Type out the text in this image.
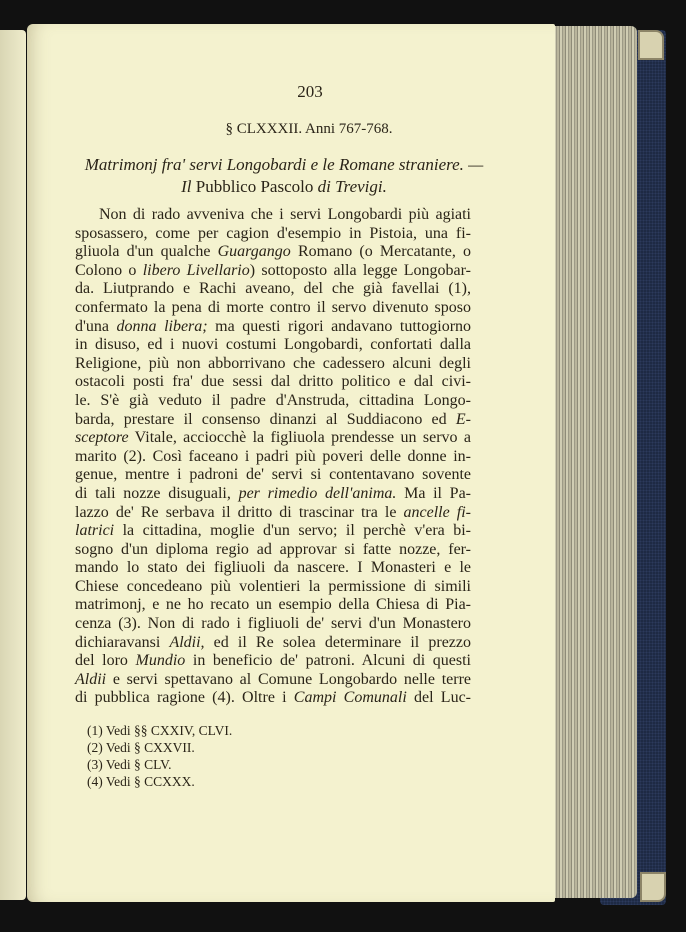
203
§ CLXXXII. Anni 767-768.
Matrimonj fra' servi Longobardi e le Romane straniere. —
Il Pubblico Pascolo di Trevigi.
Non di rado avveniva che i servi Longobardi più agiati
sposassero, come per cagion d'esempio in Pistoia, una fi-
gliuola d'un qualche Guargango Romano (o Mercatante, o
Colono o libero Livellario) sottoposto alla legge Longobar-
da. Liutprando e Rachi aveano, del che già favellai (1),
confermato la pena di morte contro il servo divenuto sposo
d'una donna libera; ma questi rigori andavano tuttogiorno
in disuso, ed i nuovi costumi Longobardi, confortati dalla
Religione, più non abborrivano che cadessero alcuni degli
ostacoli posti fra' due sessi dal dritto politico e dal civi-
le. S'è già veduto il padre d'Anstruda, cittadina Longo-
barda, prestare il consenso dinanzi al Suddiacono ed E-
sceptore Vitale, acciocchè la figliuola prendesse un servo a
marito (2). Così faceano i padri più poveri delle donne in-
genue, mentre i padroni de' servi si contentavano sovente
di tali nozze disuguali, per rimedio dell'anima. Ma il Pa-
lazzo de' Re serbava il dritto di trascinar tra le ancelle fi-
latrici la cittadina, moglie d'un servo; il perchè v'era bi-
sogno d'un diploma regio ad approvar si fatte nozze, fer-
mando lo stato dei figliuoli da nascere. I Monasteri e le
Chiese concedeano più volentieri la permissione di simili
matrimonj, e ne ho recato un esempio della Chiesa di Pia-
cenza (3). Non di rado i figliuoli de' servi d'un Monastero
dichiaravansi Aldii, ed il Re solea determinare il prezzo
del loro Mundio in beneficio de' patroni. Alcuni di questi
Aldii e servi spettavano al Comune Longobardo nelle terre
di pubblica ragione (4). Oltre i Campi Comunali del Luc-
(1) Vedi §§ CXXIV, CLVI.
(2) Vedi § CXXVII.
(3) Vedi § CLV.
(4) Vedi § CCXXX.
